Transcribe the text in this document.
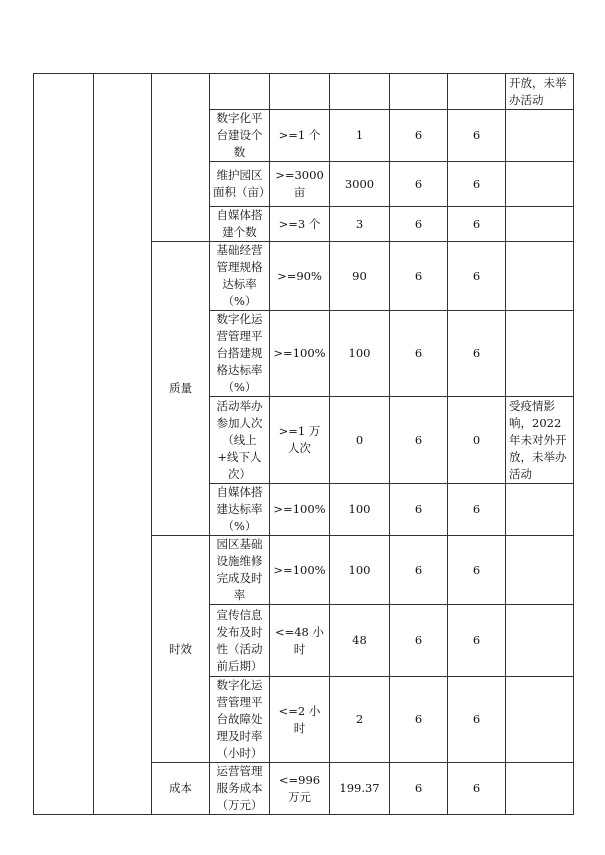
								开放，未举办活动
			数字化平台建设个数	>=1 个	1	6	6	
			维护园区面积（亩）	>=3000 亩	3000	6	6	
			自媒体搭建个数	>=3 个	3	6	6	
		质量	基础经营管理规格达标率（%）	>=90%	90	6	6	
			数字化运营管理平台搭建规格达标率（%）	>=100%	100	6	6	
			活动举办参加人次（线上+线下人次）	>=1 万人次	0	6	0	受疫情影响，2022年未对外开放，未举办活动
			自媒体搭建达标率（%）	>=100%	100	6	6	
		时效	园区基础设施维修完成及时率	>=100%	100	6	6	
			宣传信息发布及时性（活动前后期）	<=48 小时	48	6	6	
			数字化运营管理平台故障处理及时率（小时）	<=2 小时	2	6	6	
		成本	运营管理服务成本（万元）	<=996 万元	199.37	6	6	
